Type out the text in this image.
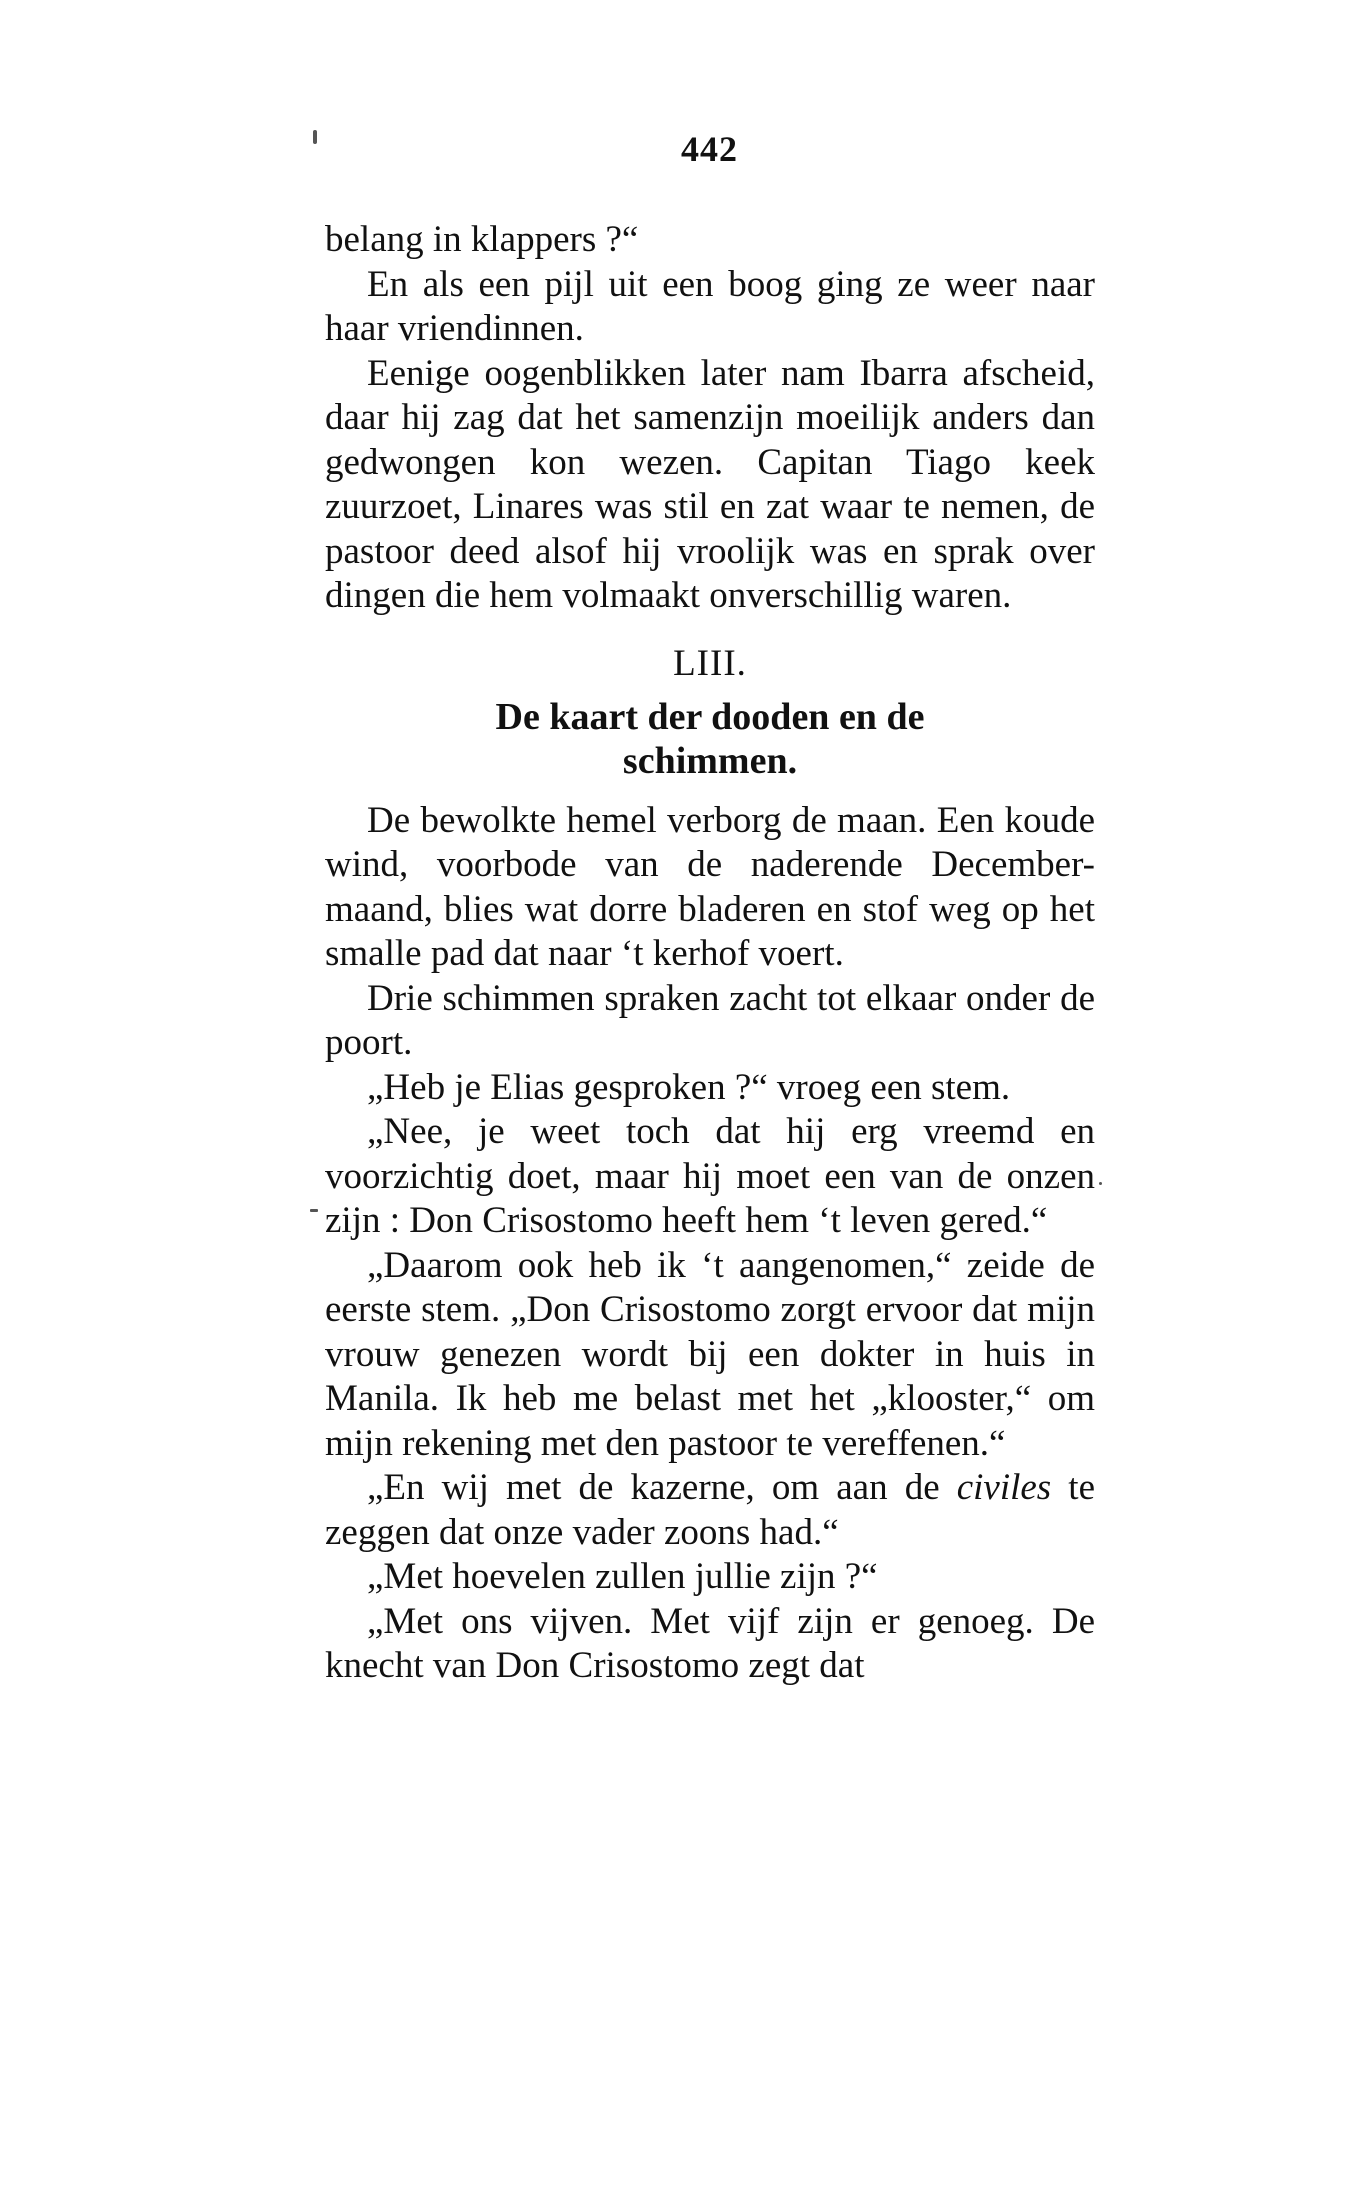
442

belang in klappers ?“

En als een pijl uit een boog ging ze weer naar haar vriendinnen.

Eenige oogenblikken later nam Ibarra afscheid, daar hij zag dat het samenzijn moeilijk anders dan gedwongen kon wezen. Capitan Tiago keek zuurzoet, Linares was stil en zat waar te nemen, de pastoor deed alsof hij vroolijk was en sprak over dingen die hem volmaakt onverschillig waren.

LIII.
De kaart der dooden en de
schimmen.

De bewolkte hemel verborg de maan. Een koude wind, voorbode van de naderende December-maand, blies wat dorre bladeren en stof weg op het smalle pad dat naar ‘t kerhof voert.

Drie schimmen spraken zacht tot elkaar onder de poort.

„Heb je Elias gesproken ?“ vroeg een stem.

„Nee, je weet toch dat hij erg vreemd en voorzichtig doet, maar hij moet een van de onzen zijn : Don Crisostomo heeft hem ‘t leven gered.“

„Daarom ook heb ik ‘t aangenomen,“ zeide de eerste stem. „Don Crisostomo zorgt ervoor dat mijn vrouw genezen wordt bij een dokter in huis in Manila. Ik heb me belast met het „klooster,“ om mijn rekening met den pastoor te vereffenen.“

„En wij met de kazerne, om aan de civiles te zeggen dat onze vader zoons had.“

„Met hoevelen zullen jullie zijn ?“

„Met ons vijven. Met vijf zijn er genoeg. De knecht van Don Crisostomo zegt dat
